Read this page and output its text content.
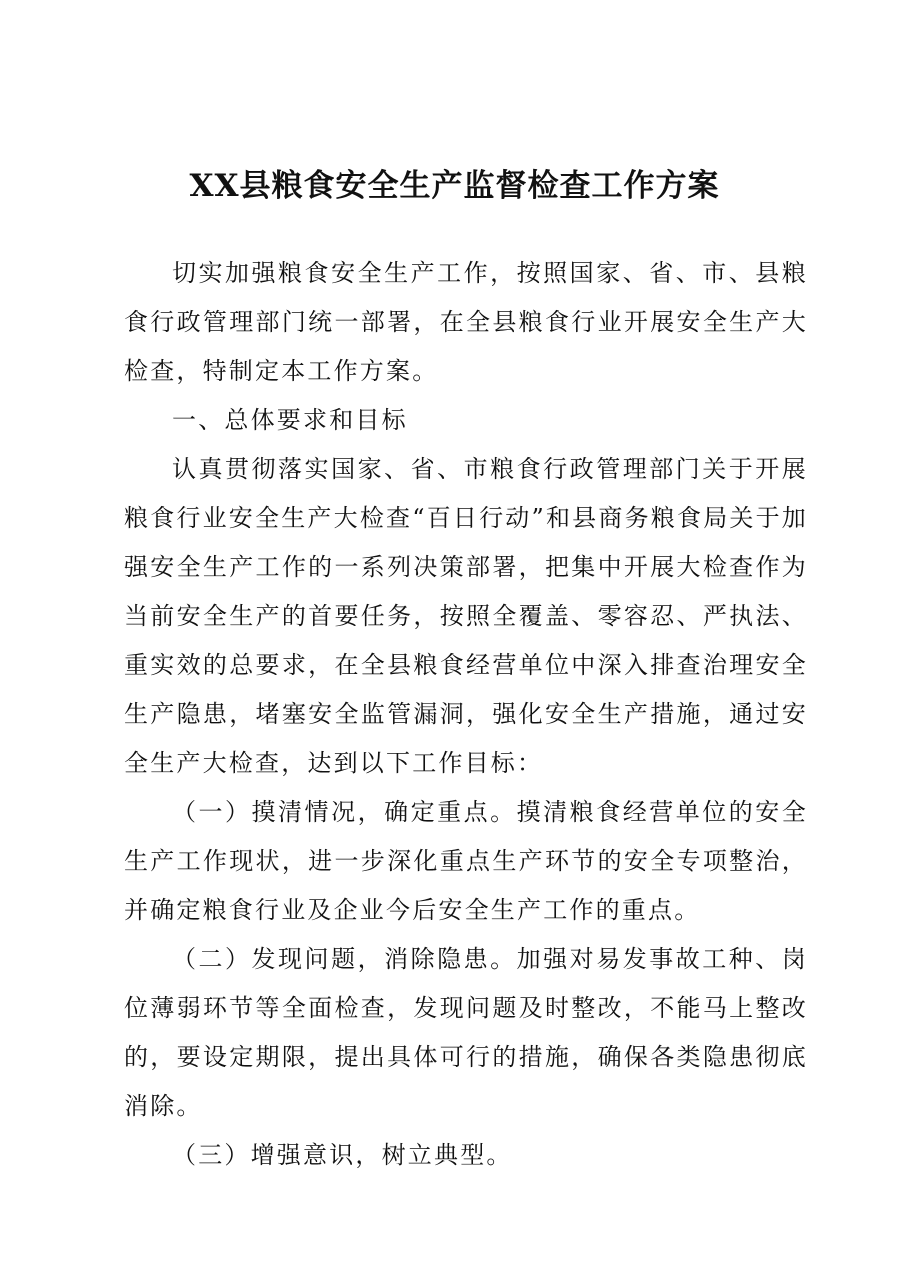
XX县粮食安全生产监督检查工作方案

切实加强粮食安全生产工作，按照国家、省、市、县粮食行政管理部门统一部署，在全县粮食行业开展安全生产大检查，特制定本工作方案。

一、总体要求和目标

认真贯彻落实国家、省、市粮食行政管理部门关于开展粮食行业安全生产大检查“百日行动”和县商务粮食局关于加强安全生产工作的一系列决策部署，把集中开展大检查作为当前安全生产的首要任务，按照全覆盖、零容忍、严执法、重实效的总要求，在全县粮食经营单位中深入排查治理安全生产隐患，堵塞安全监管漏洞，强化安全生产措施，通过安全生产大检查，达到以下工作目标：

（一）摸清情况，确定重点。摸清粮食经营单位的安全生产工作现状，进一步深化重点生产环节的安全专项整治，并确定粮食行业及企业今后安全生产工作的重点。

（二）发现问题，消除隐患。加强对易发事故工种、岗位薄弱环节等全面检查，发现问题及时整改，不能马上整改的，要设定期限，提出具体可行的措施，确保各类隐患彻底消除。

（三）增强意识，树立典型。
